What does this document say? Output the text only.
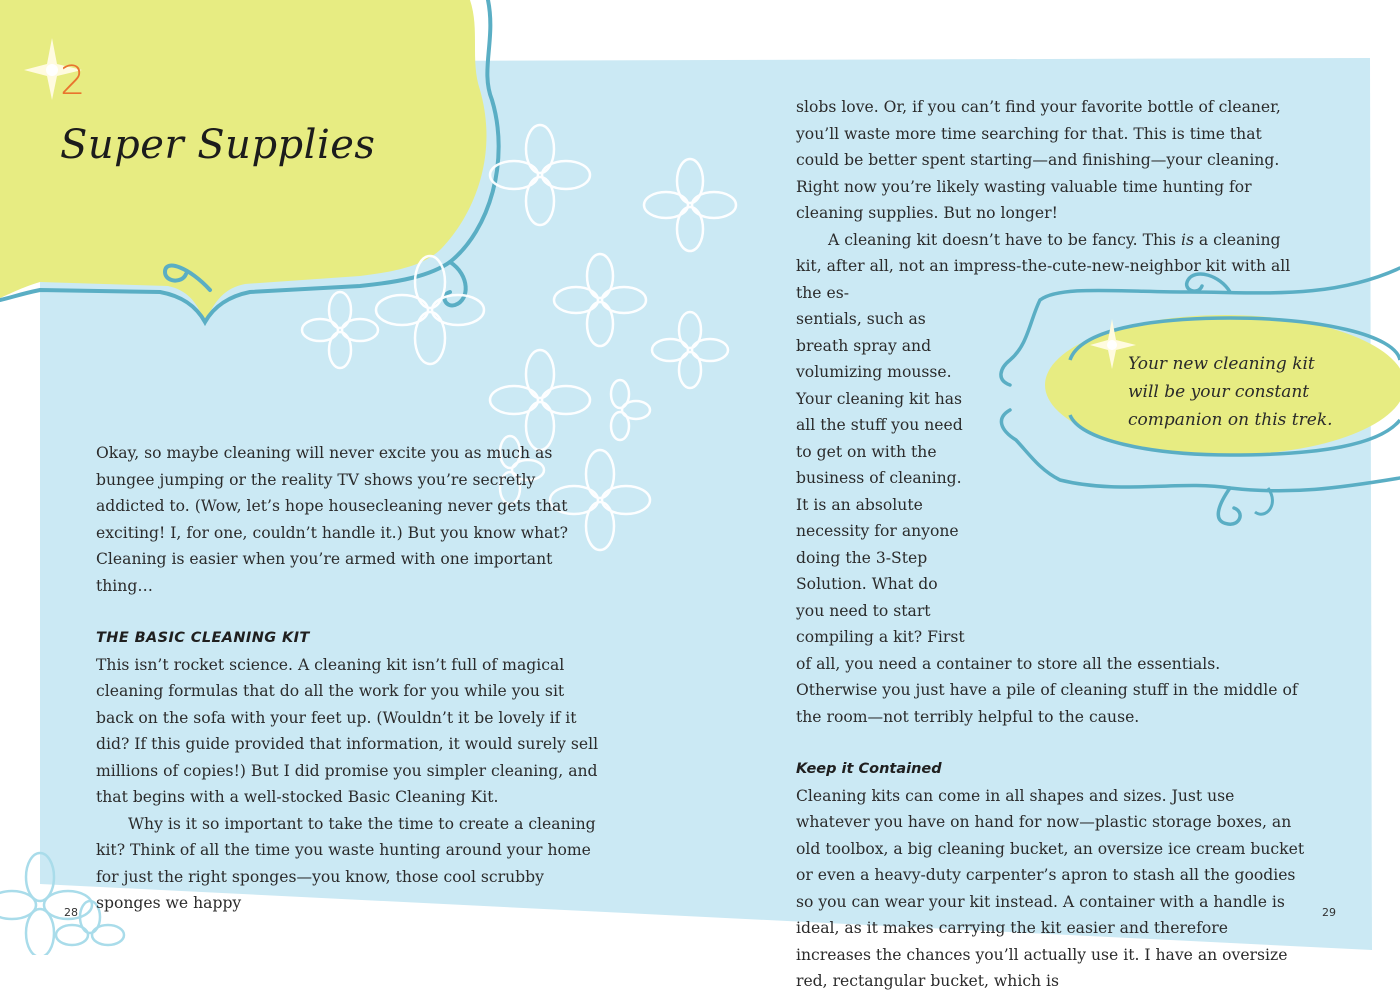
2
Super Supplies

Okay, so maybe cleaning will never excite you as much as bungee jumping or the reality TV shows you’re secretly addicted to. (Wow, let’s hope housecleaning never gets that exciting! I, for one, couldn’t handle it.) But you know what? Cleaning is easier when you’re armed with one important thing…

THE BASIC CLEANING KIT

This isn’t rocket science. A cleaning kit isn’t full of magical cleaning formulas that do all the work for you while you sit back on the sofa with your feet up. (Wouldn’t it be lovely if it did? If this guide provided that information, it would surely sell millions of copies!) But I did promise you simpler cleaning, and that begins with a well-stocked Basic Cleaning Kit.

Why is it so important to take the time to create a cleaning kit? Think of all the time you waste hunting around your home for just the right sponges—you know, those cool scrubby sponges we happy

slobs love. Or, if you can’t find your favorite bottle of cleaner, you’ll waste more time searching for that. This is time that could be better spent starting—and finishing—your cleaning. Right now you’re likely wasting valuable time hunting for cleaning supplies. But no longer!

A cleaning kit doesn’t have to be fancy. This is a cleaning kit, after all, not an impress-the-cute-new-neighbor kit with all the es-

sentials, such as breath spray and volumizing mousse. Your cleaning kit has all the stuff you need to get on with the business of cleaning. It is an absolute necessity for anyone doing the 3-Step Solution. What do you need to start compiling a kit? First

of all, you need a container to store all the essentials. Otherwise you just have a pile of cleaning stuff in the middle of the room—not terribly helpful to the cause.

Keep it Contained

Cleaning kits can come in all shapes and sizes. Just use whatever you have on hand for now—plastic storage boxes, an old toolbox, a big cleaning bucket, an oversize ice cream bucket or even a heavy-duty carpenter’s apron to stash all the goodies so you can wear your kit instead. A container with a handle is ideal, as it makes carrying the kit easier and therefore increases the chances you’ll actually use it. I have an oversize red, rectangular bucket, which is

Your new cleaning kit
will be your constant
companion on this trek.
28	29
